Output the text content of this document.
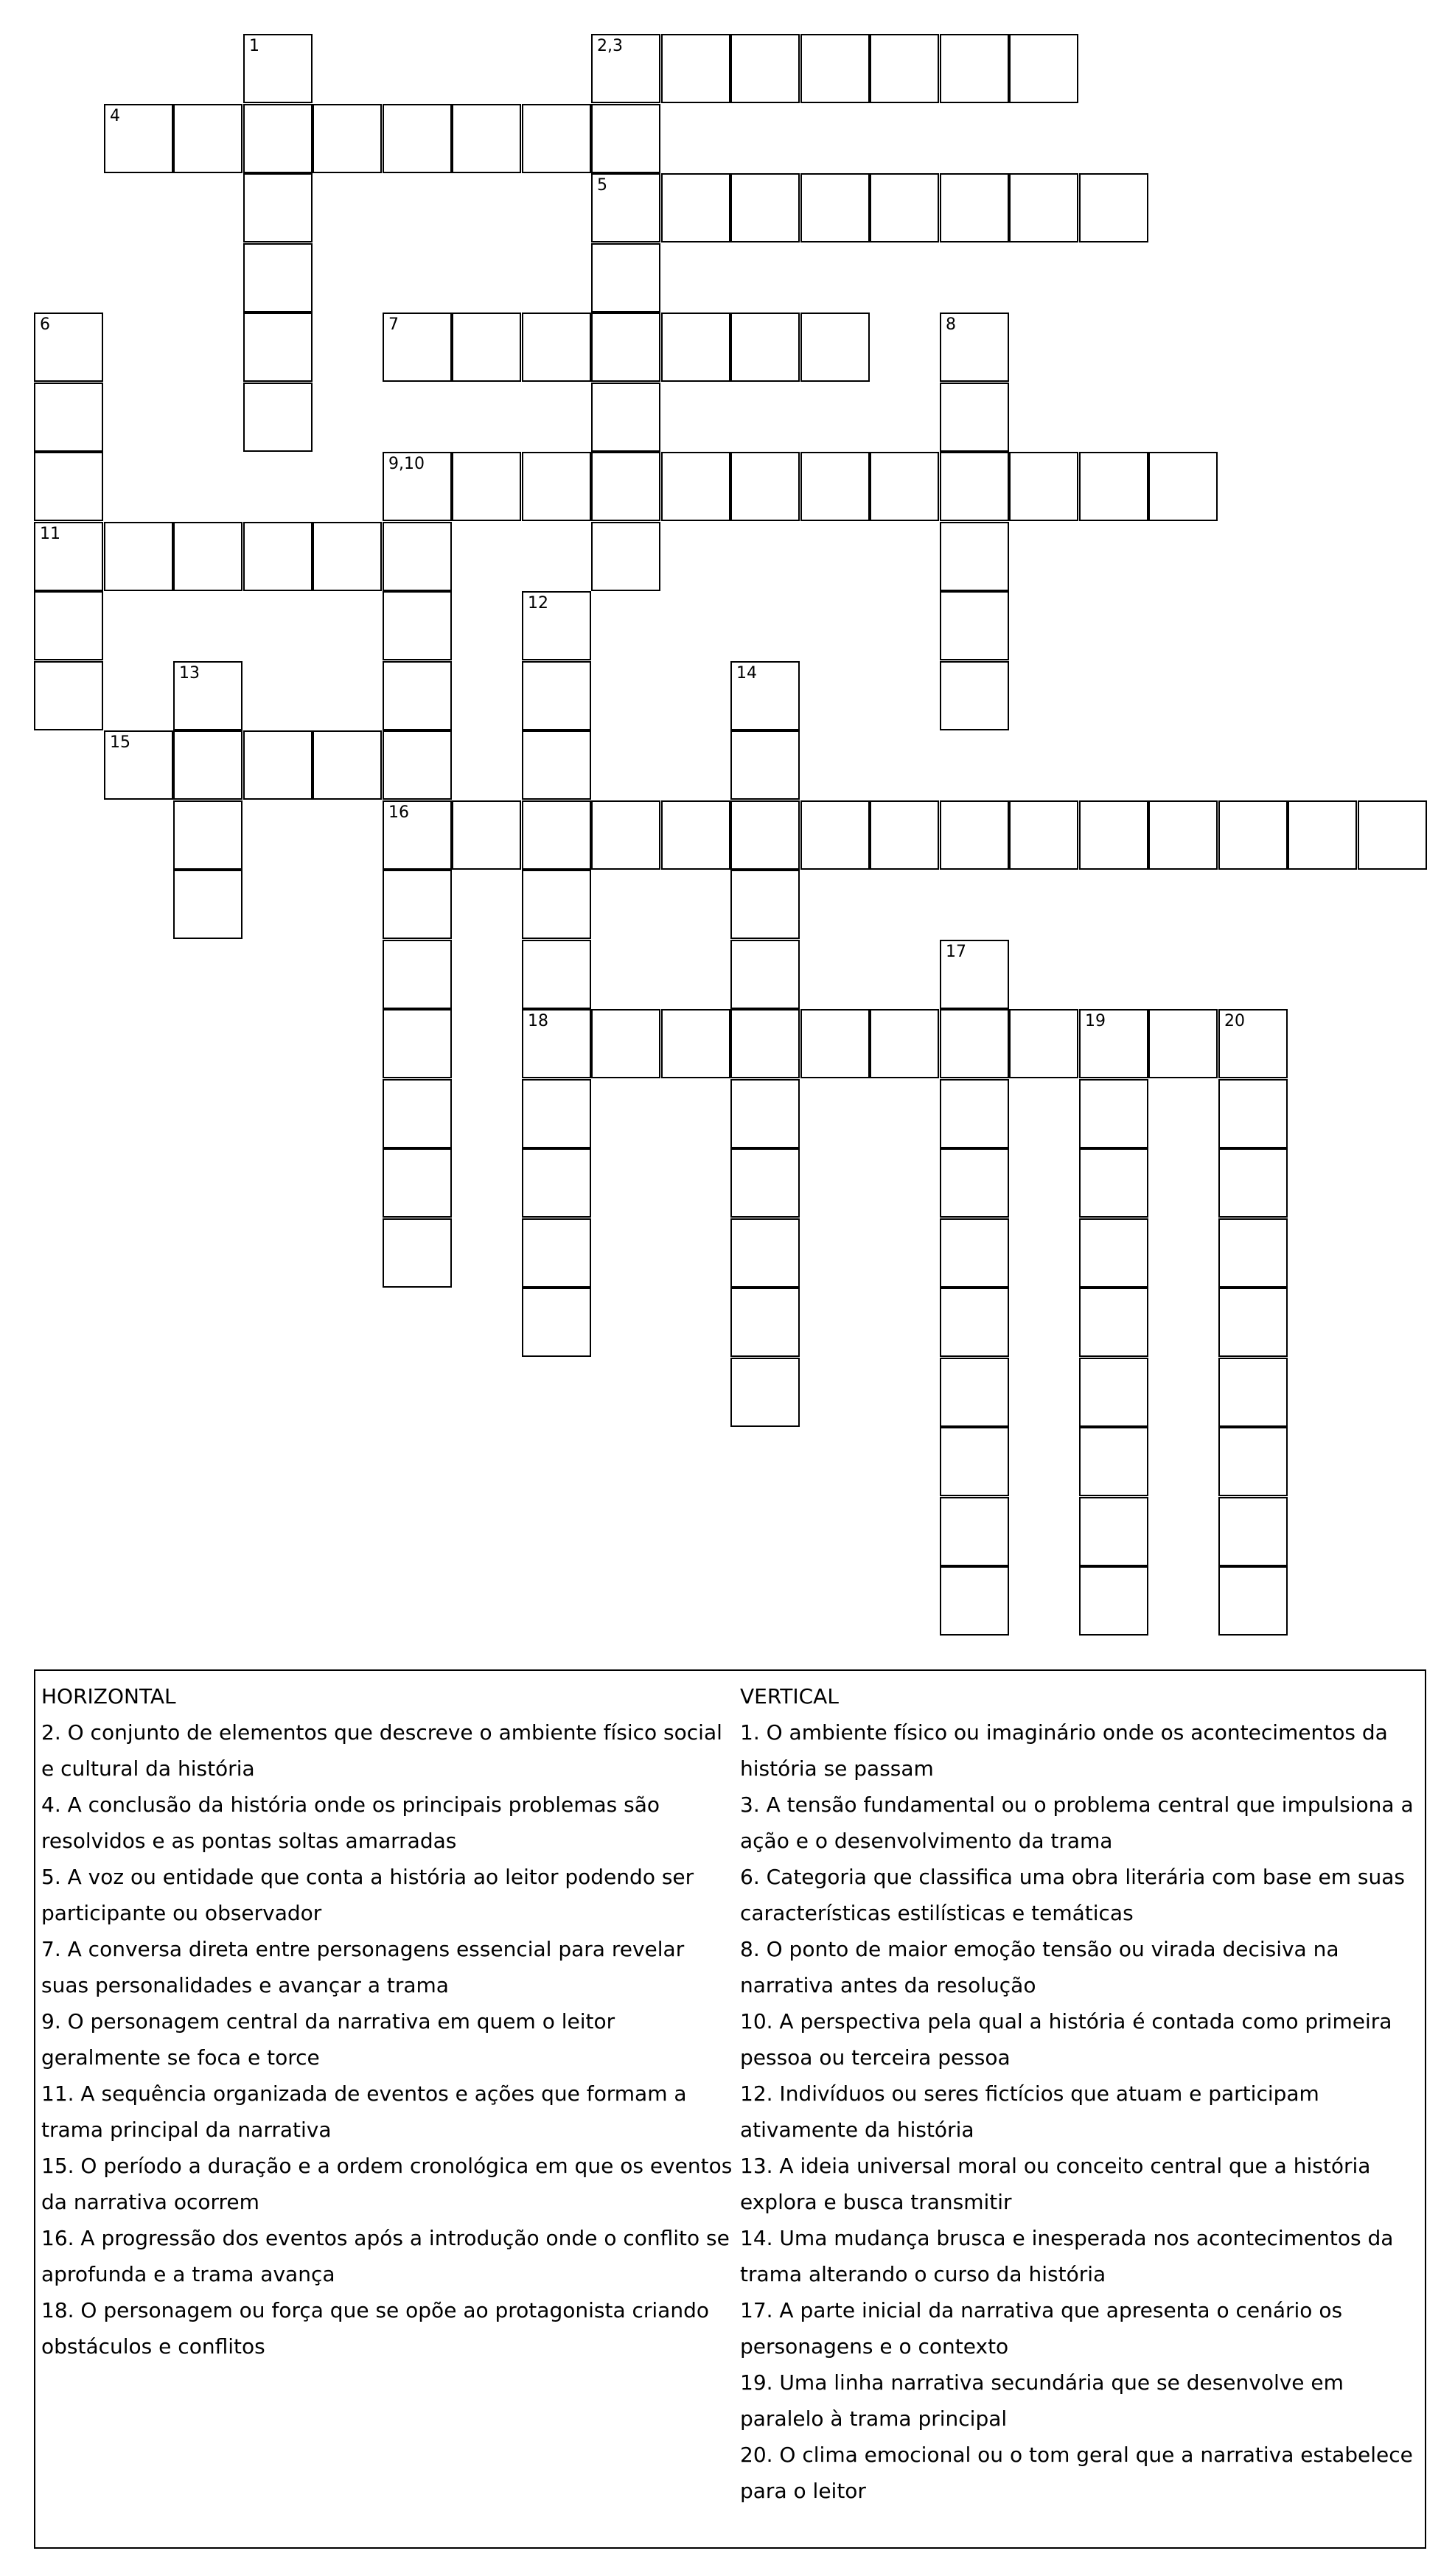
1	2,3
4
5
6	7	8
9,10
11
12
13	14
15
16
17
18	19	20
HORIZONTAL
2. O conjunto de elementos que descreve o ambiente físico social e cultural da história
4. A conclusão da história onde os principais problemas são resolvidos e as pontas soltas amarradas
5. A voz ou entidade que conta a história ao leitor podendo ser participante ou observador
7. A conversa direta entre personagens essencial para revelar suas personalidades e avançar a trama
9. O personagem central da narrativa em quem o leitor geralmente se foca e torce
11. A sequência organizada de eventos e ações que formam a trama principal da narrativa
15. O período a duração e a ordem cronológica em que os eventos da narrativa ocorrem
16. A progressão dos eventos após a introdução onde o conflito se aprofunda e a trama avança
18. O personagem ou força que se opõe ao protagonista criando obstáculos e conflitos
VERTICAL
1. O ambiente físico ou imaginário onde os acontecimentos da história se passam
3. A tensão fundamental ou o problema central que impulsiona a ação e o desenvolvimento da trama
6. Categoria que classifica uma obra literária com base em suas características estilísticas e temáticas
8. O ponto de maior emoção tensão ou virada decisiva na narrativa antes da resolução
10. A perspectiva pela qual a história é contada como primeira pessoa ou terceira pessoa
12. Indivíduos ou seres fictícios que atuam e participam ativamente da história
13. A ideia universal moral ou conceito central que a história explora e busca transmitir
14. Uma mudança brusca e inesperada nos acontecimentos da trama alterando o curso da história
17. A parte inicial da narrativa que apresenta o cenário os personagens e o contexto
19. Uma linha narrativa secundária que se desenvolve em paralelo à trama principal
20. O clima emocional ou o tom geral que a narrativa estabelece para o leitor
